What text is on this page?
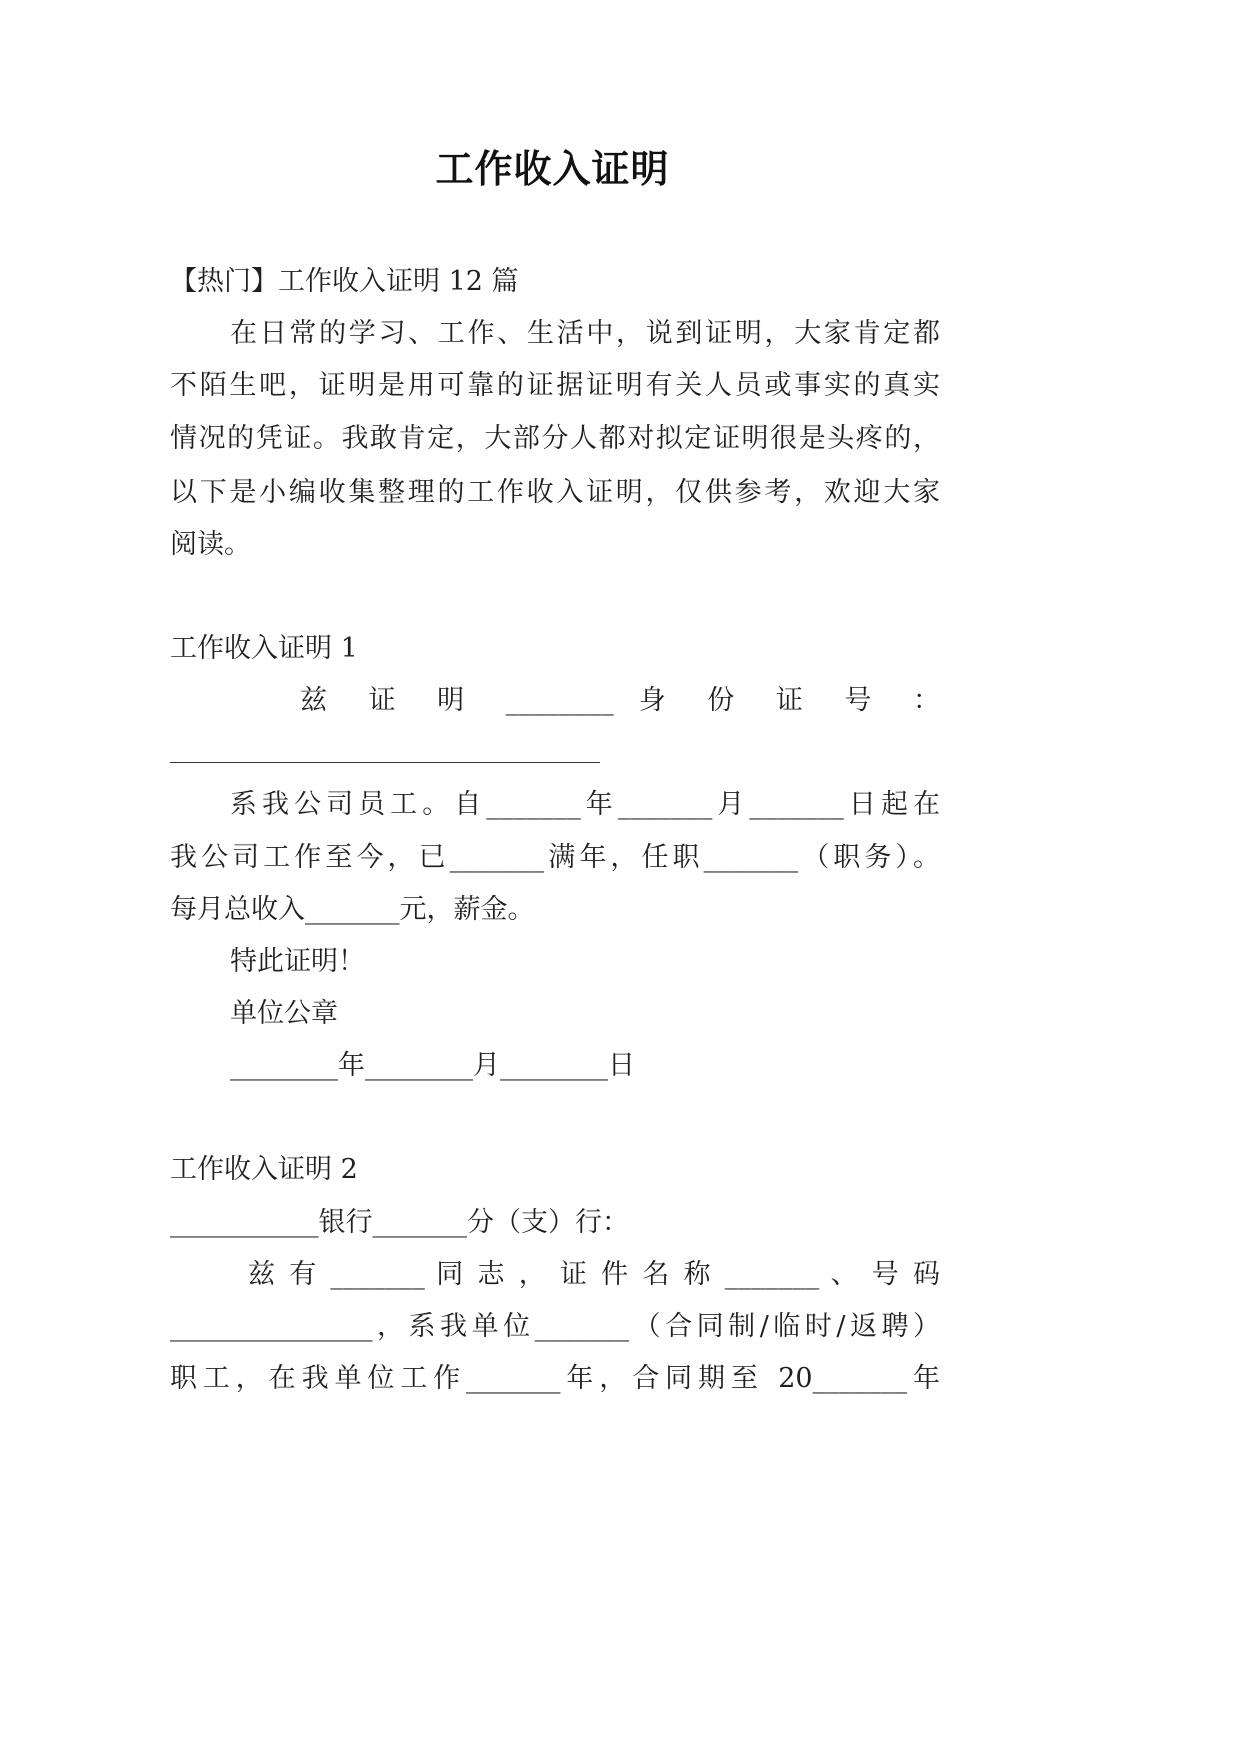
工作收入证明
【热门】工作收入证明 12 篇
在日常的学习、工作、生活中，说到证明，大家肯定都
不陌生吧，证明是用可靠的证据证明有关人员或事实的真实
情况的凭证。我敢肯定，大部分人都对拟定证明很是头疼的，
以下是小编收集整理的工作收入证明，仅供参考，欢迎大家
阅读。
工作收入证明 1
兹 证 明 ________ 身 份 证 号 ：
系我公司员工。自_______年_______月_______日起在
我公司工作至今，已_______满年，任职_______（职务）。
每月总收入_______元，薪金。
特此证明！
单位公章
________年________月________日
工作收入证明 2
___________银行_______分（支）行：
兹 有 _______ 同 志 ， 证 件 名 称 _______ 、 号 码
_______________，系我单位_______（合同制/临时/返聘）
职工，在我单位工作_______年，合同期至 20_______年
